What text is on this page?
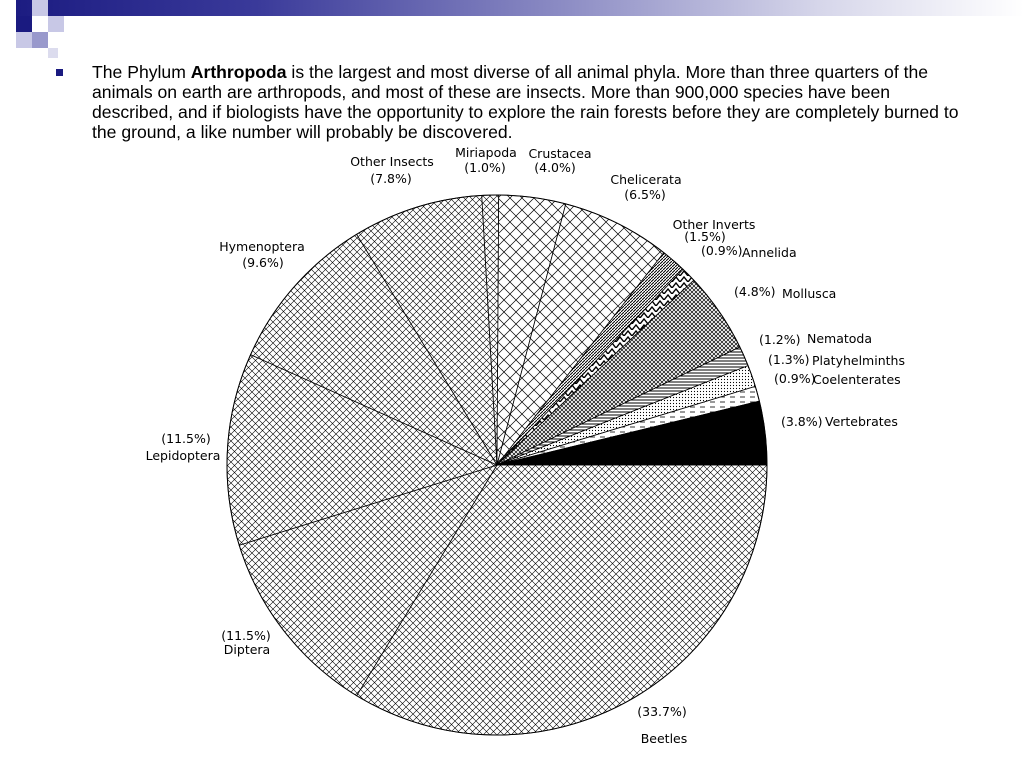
The Phylum Arthropoda is the largest and most diverse of all animal phyla. More than three quarters of the animals on earth are arthropods, and most of these are insects. More than 900,000 species have been described, and if biologists have the opportunity to explore the rain forests before they are completely burned to the ground, a like number will probably be discovered.
(33.7%)
Beetles
(11.5%)
Diptera
(11.5%)
Lepidoptera
(9.6%)
Hymenoptera
(7.8%)
Other Insects (1.0%)
Miriapoda
(4.0%)
Crustacea
(6.5%)
Chelicerata
(1.5%)
Other Inverts
(0.9%) Annelida
(4.8%) Mollusca
(1.2%) Nematoda
(1.3%) Platyhelminths
(0.9%)
Coelenterates
(3.8%) Vertebrates
